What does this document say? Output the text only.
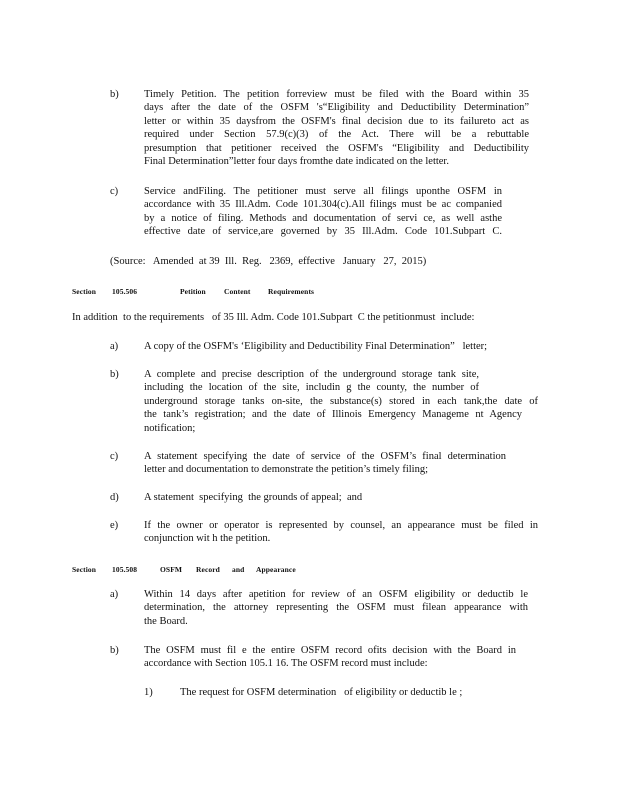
b) Timely Petition. The petition forreview must be filed with the Board within 35
days after the date of the OSFM 's“Eligibility and Deductibility Determination”
letter or within 35 daysfrom the OSFM's final decision due to its failureto act as
required under Section 57.9(c)(3) of the Act. There will be a rebuttable
presumption that petitioner received the OSFM's “Eligibility and Deductibility
Final Determination”letter four days fromthe date indicated on the letter.
c) Service andFiling. The petitioner must serve all filings uponthe OSFM in
accordance with 35 Ill.Adm. Code 101.304(c).All filings must be ac companied
by a notice of filing. Methods and documentation of servi ce, as well asthe
effective date of service,are governed by 35 Ill.Adm. Code 101.Subpart C.
(Source:   Amended  at 39  Ill.  Reg.   2369,  effective   January   27,  2015)
Section 105.506	Petition Content Requirements
In addition  to the requirements   of 35 Ill. Adm. Code 101.Subpart  C the petitionmust  include:
a) A copy of the OSFM's ‘Eligibility and Deductibility Final Determination”   letter;
b) A complete and precise description of the underground storage tank site,
including the location of the site, includin g the county, the number of
underground storage tanks on-site, the substance(s) stored in each tank,the date of
the tank’s registration; and the date of Illinois Emergency Manageme nt Agency
notification;
c) A statement specifying the date of service of the OSFM’s final determination
letter and documentation to demonstrate the petition’s timely filing;
d) A statement  specifying  the grounds of appeal;  and
e) If the owner or operator is represented by counsel, an appearance must be filed in
conjunction wit h the petition.
Section 105.508	OSFM Record and Appearance
a) Within 14 days after apetition for review of an OSFM eligibility or deductib le
determination, the attorney representing the OSFM must filean appearance with
the Board.
b) The OSFM must fil e the entire OSFM record ofits decision with the Board in
accordance with Section 105.1 16. The OSFM record must include:
1)	The request for OSFM determination   of eligibility or deductib le ;
